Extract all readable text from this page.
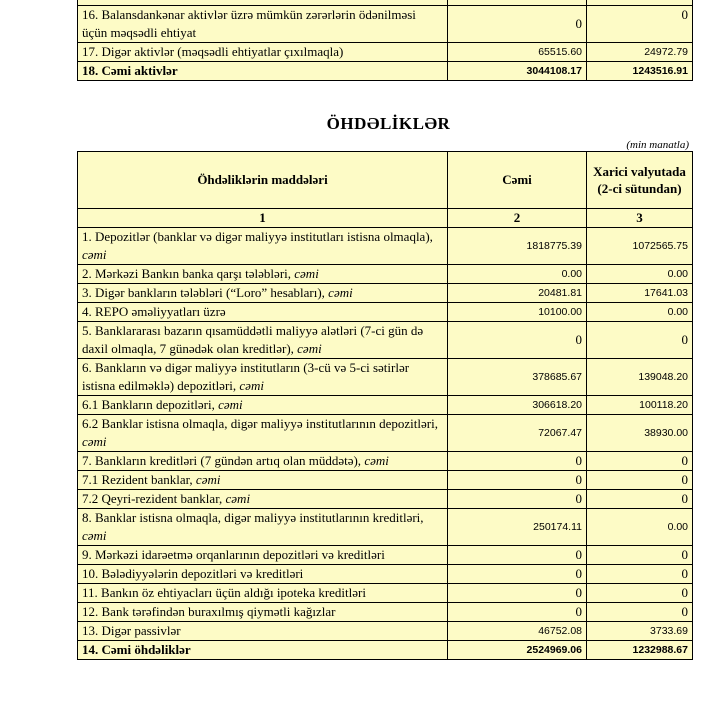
16. Balansdankənar aktivlər üzrə mümkün zərərlərin ödənilməsi üçün məqsədli ehtiyat	0	0
17. Digər aktivlər (məqsədli ehtiyatlar çıxılmaqla)	65515.60	24972.79
18. Cəmi aktivlər	3044108.17	1243516.91
ÖHDƏLİKLƏR
(min manatla)
Öhdəliklərin maddələri	Cəmi	Xarici valyutada (2-ci sütundan)
1	2	3
1. Depozitlər (banklar və digər maliyyə institutları istisna olmaqla), cəmi	1818775.39	1072565.75
2. Mərkəzi Bankın banka qarşı tələbləri, cəmi	0.00	0.00
3. Digər bankların tələbləri (“Loro” hesabları), cəmi	20481.81	17641.03
4. REPO əməliyyatları üzrə	10100.00	0.00
5. Banklararası bazarın qısamüddətli maliyyə alətləri (7-ci gün də daxil olmaqla, 7 günədək olan kreditlər), cəmi	0	0
6. Bankların və digər maliyyə institutların (3-cü və 5-ci sətirlər istisna edilməklə) depozitləri, cəmi	378685.67	139048.20
6.1 Bankların depozitləri, cəmi	306618.20	100118.20
6.2 Banklar istisna olmaqla, digər maliyyə institutlarının depozitləri, cəmi	72067.47	38930.00
7. Bankların kreditləri (7 gündən artıq olan müddətə), cəmi	0	0
7.1 Rezident banklar, cəmi	0	0
7.2 Qeyri-rezident banklar, cəmi	0	0
8. Banklar istisna olmaqla, digər maliyyə institutlarının kreditləri, cəmi	250174.11	0.00
9. Mərkəzi idarəetmə orqanlarının depozitləri və kreditləri	0	0
10. Bələdiyyələrin depozitləri və kreditləri	0	0
11. Bankın öz ehtiyacları üçün aldığı ipoteka kreditləri	0	0
12. Bank tərəfindən buraxılmış qiymətli kağızlar	0	0
13. Digər passivlər	46752.08	3733.69
14. Cəmi öhdəliklər	2524969.06	1232988.67
